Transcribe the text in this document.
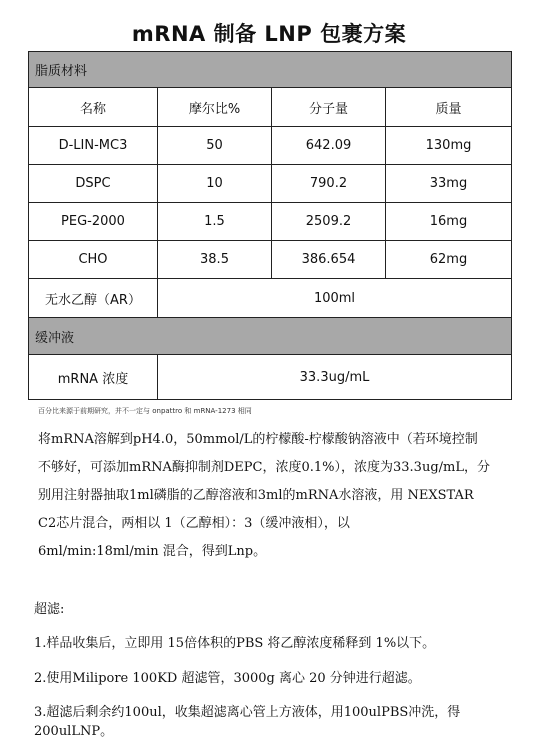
mRNA 制备 LNP 包裹方案
脂质材料			
名称	摩尔比%	分子量	质量
D-LIN-MC3	50	642.09	130mg
DSPC	10	790.2	33mg
PEG-2000	1.5	2509.2	16mg
CHO	38.5	386.654	62mg
无水乙醇（AR）	100ml		
缓冲液			
mRNA 浓度	33.3ug/mL		
百分比来源于前期研究，并不一定与 onpattro 和 mRNA-1273 相同
将mRNA溶解到pH4.0，50mmol/L的柠檬酸-柠檬酸钠溶液中（若环境控制
不够好，可添加mRNA酶抑制剂DEPC，浓度0.1%），浓度为33.3ug/mL，分
别用注射器抽取1ml磷脂的乙醇溶液和3ml的mRNA水溶液，用 NEXSTAR
C2芯片混合，两相以 1（乙醇相）：3（缓冲液相），以
6ml/min:18ml/min 混合，得到Lnp。
超滤:
1.样品收集后，立即用 15倍体积的PBS 将乙醇浓度稀释到 1%以下。
2.使用Milipore 100KD 超滤管，3000g 离心 20 分钟进行超滤。
3.超滤后剩余约100ul，收集超滤离心管上方液体，用100ulPBS冲洗，得
200ulLNP。
